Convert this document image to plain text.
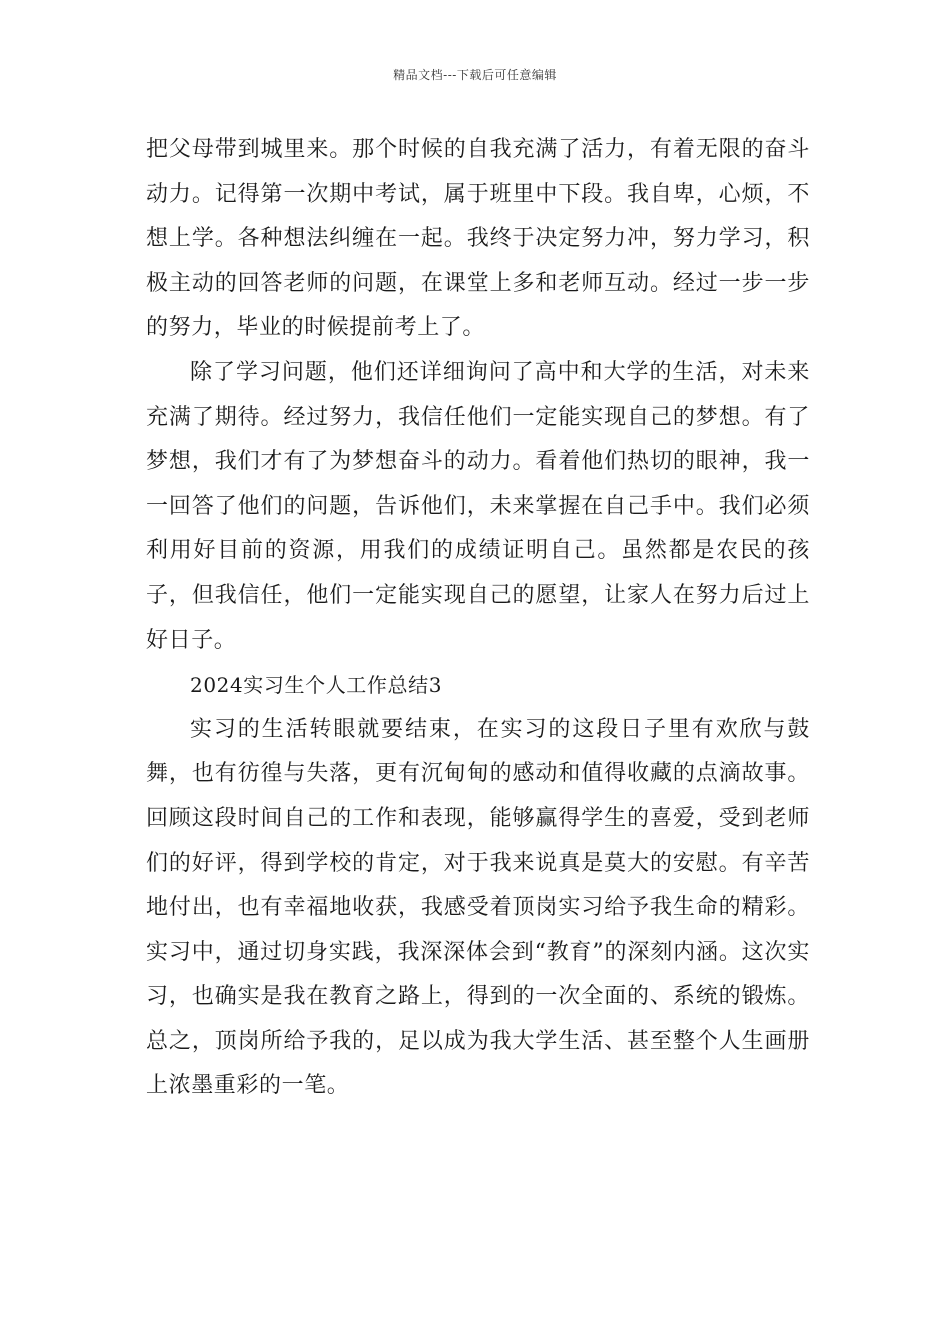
精品文档---下载后可任意编辑

把父母带到城里来。那个时候的自我充满了活力，有着无限的奋斗动力。记得第一次期中考试，属于班里中下段。我自卑，心烦，不想上学。各种想法纠缠在一起。我终于决定努力冲，努力学习，积极主动的回答老师的问题，在课堂上多和老师互动。经过一步一步的努力，毕业的时候提前考上了。

除了学习问题，他们还详细询问了高中和大学的生活，对未来充满了期待。经过努力，我信任他们一定能实现自己的梦想。有了梦想，我们才有了为梦想奋斗的动力。看着他们热切的眼神，我一一回答了他们的问题，告诉他们，未来掌握在自己手中。我们必须利用好目前的资源，用我们的成绩证明自己。虽然都是农民的孩子，但我信任，他们一定能实现自己的愿望，让家人在努力后过上好日子。

2024实习生个人工作总结3

实习的生活转眼就要结束，在实习的这段日子里有欢欣与鼓舞，也有彷徨与失落，更有沉甸甸的感动和值得收藏的点滴故事。回顾这段时间自己的工作和表现，能够赢得学生的喜爱，受到老师们的好评，得到学校的肯定，对于我来说真是莫大的安慰。有辛苦地付出，也有幸福地收获，我感受着顶岗实习给予我生命的精彩。实习中，通过切身实践，我深深体会到“教育”的深刻内涵。这次实习，也确实是我在教育之路上，得到的一次全面的、系统的锻炼。总之，顶岗所给予我的，足以成为我大学生活、甚至整个人生画册上浓墨重彩的一笔。
